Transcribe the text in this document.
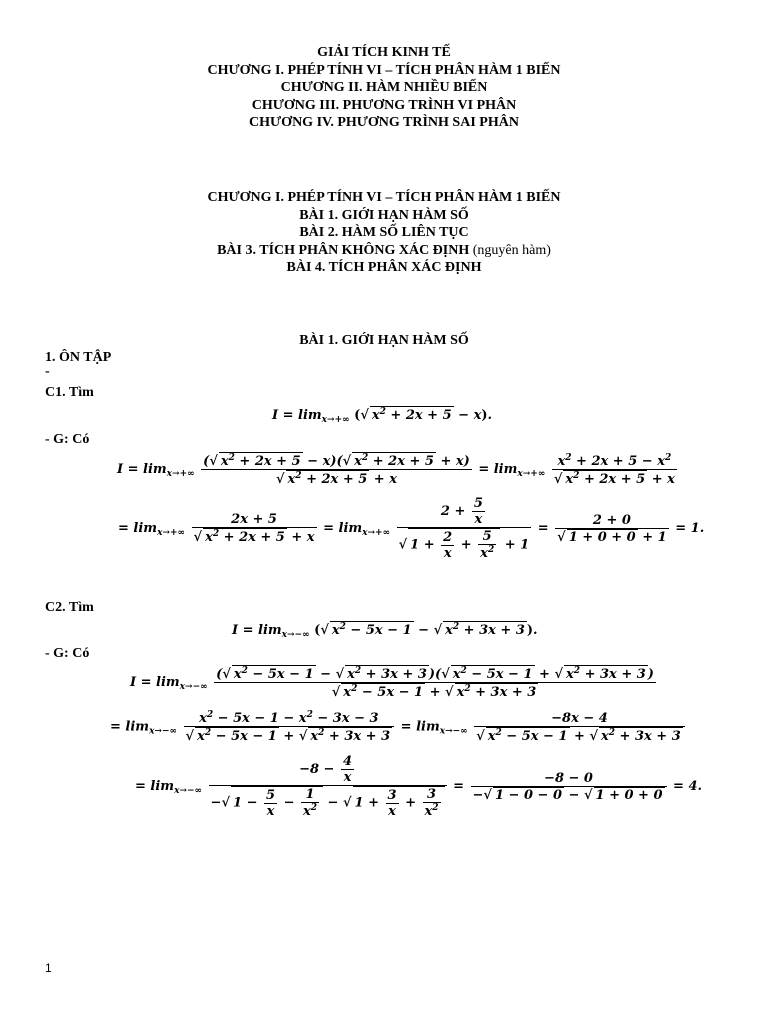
GIẢI TÍCH KINH TẾ
CHƯƠNG I. PHÉP TÍNH VI – TÍCH PHÂN HÀM 1 BIẾN
CHƯƠNG II. HÀM NHIỀU BIẾN
CHƯƠNG III. PHƯƠNG TRÌNH VI PHÂN
CHƯƠNG IV. PHƯƠNG TRÌNH SAI PHÂN
CHƯƠNG I. PHÉP TÍNH VI – TÍCH PHÂN HÀM 1 BIẾN
BÀI 1. GIỚI HẠN HÀM SỐ
BÀI 2. HÀM SỐ LIÊN TỤC
BÀI 3. TÍCH PHÂN KHÔNG XÁC ĐỊNH (nguyên hàm)
BÀI 4. TÍCH PHÂN XÁC ĐỊNH
BÀI 1. GIỚI HẠN HÀM SỐ
1. ÔN TẬP
-
C1. Tìm
$I = \lim_{x\to+\infty}$ (√ $x^2 + 2x + 5 - x$).
- G: Có
$I = \lim_{x\to+\infty} \frac{(√ x^2 + 2x + 5 - x)(√ x^2 + 2x + 5 + x)}{√ x^2 + 2x + 5 + x} = \lim_{x\to+\infty} \frac{x^2 + 2x + 5 - x^2}{√ x^2 + 2x + 5 + x}$
= $\lim_{x\to+\infty} \frac{2x + 5}{√ x^2 + 2x + 5 + x} = \lim_{x\to+\infty} \frac{2 + \frac{5}{x}}{√ 1 + \frac{2}{x} + \frac{5}{x^2} + 1} = \frac{2 + 0}{√ 1 + 0 + 0 + 1} = 1$.
C2. Tìm
$I = \lim_{x\to-\infty}$ (√ $x^2 - 5x - 1$ − √ $x^2 + 3x + 3$ ).
- G: Có
$I = \lim_{x\to-\infty} \frac{(√ x^2 - 5x - 1 - √ x^2 + 3x + 3 )(√ x^2 - 5x - 1 + √ x^2 + 3x + 3 )}{√ x^2 - 5x - 1 + √ x^2 + 3x + 3}$
= $\lim_{x\to-\infty} \frac{x^2 - 5x - 1 - x^2 - 3x - 3}{√ x^2 - 5x - 1 + √ x^2 + 3x + 3} = \lim_{x\to-\infty} \frac{-8x - 4}{√ x^2 - 5x - 1 + √ x^2 + 3x + 3}$
= $\lim_{x\to-\infty} \frac{-8 - \frac{4}{x}}{-√ 1 - \frac{5}{x} - \frac{1}{x^2} - √ 1 + \frac{3}{x} + \frac{3}{x^2}} = \frac{-8 - 0}{-√ 1 - 0 - 0 - √ 1 + 0 + 0} = 4$.
1
